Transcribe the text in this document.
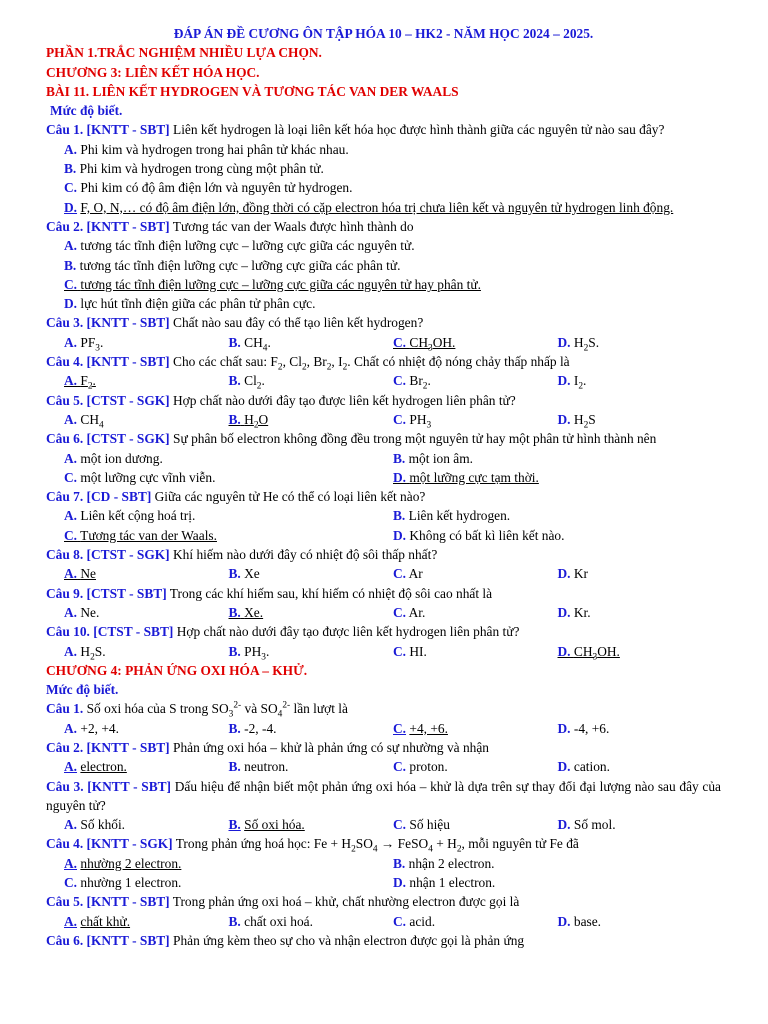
ĐÁP ÁN ĐỀ CƯƠNG ÔN TẬP HÓA 10 – HK2 - NĂM HỌC 2024 – 2025.
PHẦN 1.TRẮC NGHIỆM NHIỀU LỰA CHỌN.
CHƯƠNG 3: LIÊN KẾT HÓA HỌC.
BÀI 11. LIÊN KẾT HYDROGEN VÀ TƯƠNG TÁC VAN DER WAALS
Mức độ biết.
Câu 1. [KNTT - SBT] Liên kết hydrogen là loại liên kết hóa học được hình thành giữa các nguyên tử nào sau đây?
A. Phi kim và hydrogen trong hai phân tử khác nhau.
B. Phi kim và hydrogen trong cùng một phân tử.
C. Phi kim có độ âm điện lớn và nguyên tử hydrogen.
D. F, O, N,… có độ âm điện lớn, đồng thời có cặp electron hóa trị chưa liên kết và nguyên tử hydrogen linh động.
Câu 2. [KNTT - SBT] Tương tác van der Waals được hình thành do
A. tương tác tĩnh điện lưỡng cực – lưỡng cực giữa các nguyên tử.
B. tương tác tĩnh điện lưỡng cực – lưỡng cực giữa các phân tử.
C. tương tác tĩnh điện lưỡng cực – lưỡng cực giữa các nguyên tử hay phân tử.
D. lực hút tĩnh điện giữa các phân tử phân cực.
Câu 3. [KNTT - SBT] Chất nào sau đây có thể tạo liên kết hydrogen?
A. $PF_3$.	B. $CH_4$.	C. $CH_3OH$.	D. $H_2S$.
Câu 4. [KNTT - SBT] Cho các chất sau: $F_2$, $Cl_2$, $Br_2$, $I_2$. Chất có nhiệt độ nóng chảy thấp nhấp là
A. $F_2$.	B. $Cl_2$.	C. $Br_2$.	D. $I_2$.
Câu 5. [CTST - SGK] Hợp chất nào dưới đây tạo được liên kết hydrogen liên phân tử?
A. $CH_4$	B. $H_2O$	C. $PH_3$	D. $H_2S$
Câu 6. [CTST - SGK] Sự phân bố electron không đồng đều trong một nguyên tử hay một phân tử hình thành nên
A. một ion dương.	B. một ion âm.
C. một lưỡng cực vĩnh viễn.	D. một lưỡng cực tạm thời.
Câu 7. [CD - SBT] Giữa các nguyên tử He có thể có loại liên kết nào?
A. Liên kết cộng hoá trị.	B. Liên kết hydrogen.
C. Tương tác van der Waals.	D. Không có bất kì liên kết nào.
Câu 8. [CTST - SGK] Khí hiếm nào dưới đây có nhiệt độ sôi thấp nhất?
A. Ne	B. Xe	C. Ar	D. Kr
Câu 9. [CTST - SBT] Trong các khí hiếm sau, khí hiếm có nhiệt độ sôi cao nhất là
A. Ne.	B. Xe.	C. Ar.	D. Kr.
Câu 10. [CTST - SBT] Hợp chất nào dưới đây tạo được liên kết hydrogen liên phân tử?
A. $H_2S$.	B. $PH_3$.	C. HI.	D. $CH_3OH$.
CHƯƠNG 4: PHẢN ỨNG OXI HÓA – KHỬ.
Mức độ biết.
Câu 1. Số oxi hóa của S trong $SO_3^{2-}$ và $SO_4^{2-}$ lần lượt là
A. +2, +4.	B. -2, -4.	C. +4, +6.	D. -4, +6.
Câu 2. [KNTT - SBT] Phản ứng oxi hóa – khử là phản ứng có sự nhường và nhận
A. electron.	B. neutron.	C. proton.	D. cation.
Câu 3. [KNTT - SBT] Dấu hiệu để nhận biết một phản ứng oxi hóa – khử là dựa trên sự thay đổi đại lượng nào sau đây của nguyên tử?
A. Số khối.	B. Số oxi hóa.	C. Số hiệu	D. Số mol.
Câu 4. [KNTT - SGK] Trong phản ứng hoá học: $Fe + H_2SO_4$ → FeSO$_4$ + $H_2$, mỗi nguyên tử Fe đã
A. nhường 2 electron.	B. nhận 2 electron.
C. nhường 1 electron.	D. nhận 1 electron.
Câu 5. [KNTT - SBT] Trong phản ứng oxi hoá – khử, chất nhường electron được gọi là
A. chất khử.	B. chất oxi hoá.	C. acid.	D. base.
Câu 6. [KNTT - SBT] Phản ứng kèm theo sự cho và nhận electron được gọi là phản ứng
